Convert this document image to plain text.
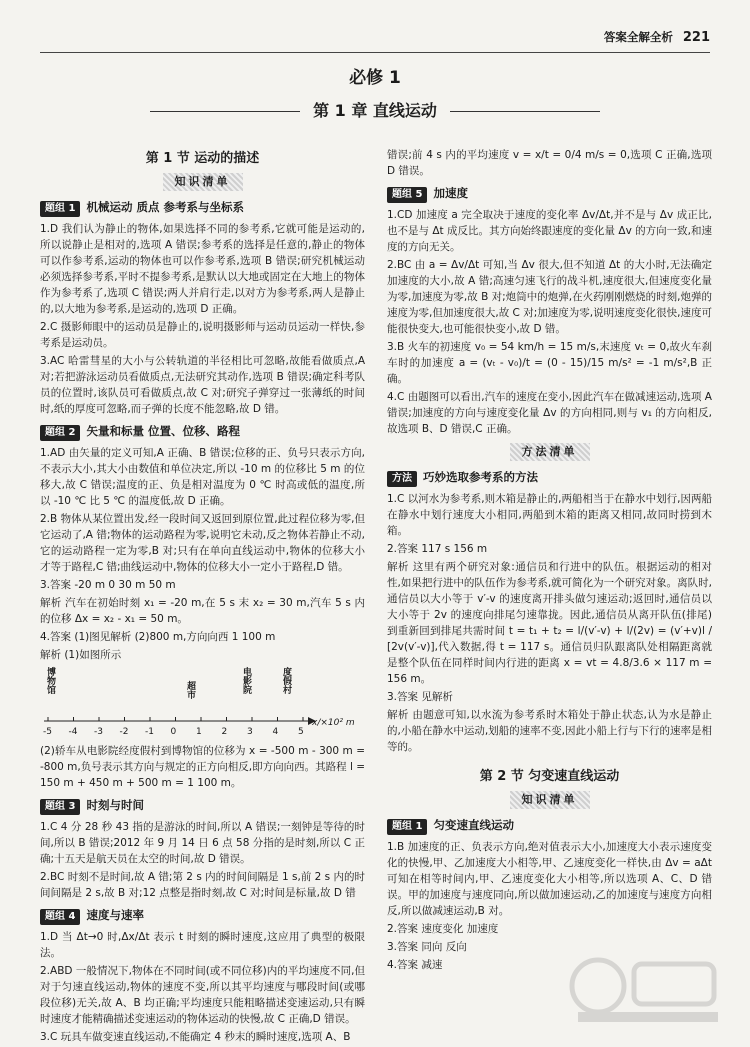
答案全解全析 221
必修 1
第 1 章 直线运动
第 1 节 运动的描述
知识清单
题组 1 机械运动 质点 参考系与坐标系
1.D 我们认为静止的物体,如果选择不同的参考系,它就可能是运动的,所以说静止是相对的,选项 A 错误;参考系的选择是任意的,静止的物体可以作参考系,运动的物体也可以作参考系,选项 B 错误;研究机械运动必须选择参考系,平时不提参考系,是默认以大地或固定在大地上的物体作为参考系了,选项 C 错误;两人并肩行走,以对方为参考系,两人是静止的,以大地为参考系,是运动的,选项 D 正确。
2.C 摄影师眼中的运动员是静止的,说明摄影师与运动员运动一样快,参考系是运动员。
3.AC 哈雷彗星的大小与公转轨道的半径相比可忽略,故能看做质点,A 对;若把游泳运动员看做质点,无法研究其动作,选项 B 错误;确定科考队员的位置时,该队员可看做质点,故 C 对;研究子弹穿过一张薄纸的时间时,纸的厚度可忽略,而子弹的长度不能忽略,故 D 错。
题组 2 矢量和标量 位置、位移、路程
1.AD 由矢量的定义可知,A 正确、B 错误;位移的正、负号只表示方向,不表示大小,其大小由数值和单位决定,所以 -10 m 的位移比 5 m 的位移大,故 C 错误;温度的正、负是相对温度为 0 ℃ 时高或低的温度,所以 -10 ℃ 比 5 ℃ 的温度低,故 D 正确。
2.B 物体从某位置出发,经一段时间又返回到原位置,此过程位移为零,但它运动了,A 错;物体的运动路程为零,说明它未动,反之物体若静止不动,它的运动路程一定为零,B 对;只有在单向直线运动中,物体的位移大小才等于路程,C 错;曲线运动中,物体的位移大小一定小于路程,D 错。
3.答案 -20 m 0 30 m 50 m
解析 汽车在初始时刻 x₁ = -20 m,在 5 s 末 x₂ = 30 m,汽车 5 s 内的位移 Δx = x₂ - x₁ = 50 m。
4.答案 (1)图见解析 (2)800 m,方向向西 1 100 m
解析 (1)如图所示
博物馆	超市	电影院	度假村
-5 -4 -3 -2 -1 0 1 2 3 4 5
x/×10² m
(2)轿车从电影院经度假村到博物馆的位移为 x = -500 m - 300 m = -800 m,负号表示其方向与规定的正方向相反,即方向向西。其路程 l = 150 m + 450 m + 500 m = 1 100 m。
题组 3 时刻与时间
1.C 4 分 28 秒 43 指的是游泳的时间,所以 A 错误;一刻钟是等待的时间,所以 B 错误;2012 年 9 月 14 日 6 点 58 分指的是时刻,所以 C 正确;十五天是航天员在太空的时间,故 D 错误。
2.BC 时刻不是时间,故 A 错;第 2 s 内的时间间隔是 1 s,前 2 s 内的时间间隔是 2 s,故 B 对;12 点整是指时刻,故 C 对;时间是标量,故 D 错
题组 4 速度与速率
1.D 当 Δt→0 时,Δx/Δt 表示 t 时刻的瞬时速度,这应用了典型的极限法。
2.ABD 一般情况下,物体在不同时间(或不同位移)内的平均速度不同,但对于匀速直线运动,物体的速度不变,所以其平均速度与哪段时间(或哪段位移)无关,故 A、B 均正确;平均速度只能粗略描述变速运动,只有瞬时速度才能精确描述变速运动的物体运动的快慢,故 C 正确,D 错误。
3.C 玩具车做变速直线运动,不能确定 4 秒末的瞬时速度,选项 A、B
错误;前 4 s 内的平均速度 v = x/t = 0/4 m/s = 0,选项 C 正确,选项 D 错误。
题组 5 加速度
1.CD 加速度 a 完全取决于速度的变化率 Δv/Δt,并不是与 Δv 成正比,也不是与 Δt 成反比。其方向始终跟速度的变化量 Δv 的方向一致,和速度的方向无关。
2.BC 由 a = Δv/Δt 可知,当 Δv 很大,但不知道 Δt 的大小时,无法确定加速度的大小,故 A 错;高速匀速飞行的战斗机,速度很大,但速度变化量为零,加速度为零,故 B 对;炮筒中的炮弹,在火药刚刚燃烧的时刻,炮弹的速度为零,但加速度很大,故 C 对;加速度为零,说明速度变化很快,速度可能很快变大,也可能很快变小,故 D 错。
3.B 火车的初速度 v₀ = 54 km/h = 15 m/s,末速度 vₜ = 0,故火车刹车时的加速度 a = (vₜ - v₀)/t = (0 - 15)/15 m/s² = -1 m/s²,B 正确。
4.C 由题图可以看出,汽车的速度在变小,因此汽车在做减速运动,选项 A 错误;加速度的方向与速度变化量 Δv 的方向相同,则与 v₁ 的方向相反,故选项 B、D 错误,C 正确。
方法清单
方法 巧妙选取参考系的方法
1.C 以河水为参考系,则木箱是静止的,两船相当于在静水中划行,因两船在静水中划行速度大小相同,两船到木箱的距离又相同,故同时捞到木箱。
2.答案 117 s 156 m
解析 这里有两个研究对象:通信员和行进中的队伍。根据运动的相对性,如果把行进中的队伍作为参考系,就可简化为一个研究对象。离队时,通信员以大小等于 v′-v 的速度离开排头做匀速运动;返回时,通信员以大小等于 2v 的速度向排尾匀速靠拢。因此,通信员从离开队伍(排尾)到重新回到排尾共需时间 t = t₁ + t₂ = l/(v′-v) + l/(2v) = (v′+v)l / [2v(v′-v)],代入数据,得 t = 117 s。通信员归队跟离队处相隔距离就是整个队伍在同样时间内行进的距离 x = vt = 4.8/3.6 × 117 m = 156 m。
3.答案 见解析
解析 由题意可知,以水流为参考系时木箱处于静止状态,认为水是静止的,小船在静水中运动,划船的速率不变,因此小船上行与下行的速率是相等的。
第 2 节 匀变速直线运动
知识清单
题组 1 匀变速直线运动
1.B 加速度的正、负表示方向,绝对值表示大小,加速度大小表示速度变化的快慢,甲、乙加速度大小相等,甲、乙速度变化一样快,由 Δv = aΔt 可知在相等时间内,甲、乙速度变化大小相等,所以选项 A、C、D 错误。甲的加速度与速度同向,所以做加速运动,乙的加速度与速度方向相反,所以做减速运动,B 对。
2.答案 速度变化 加速度
3.答案 同向 反向
4.答案 减速
